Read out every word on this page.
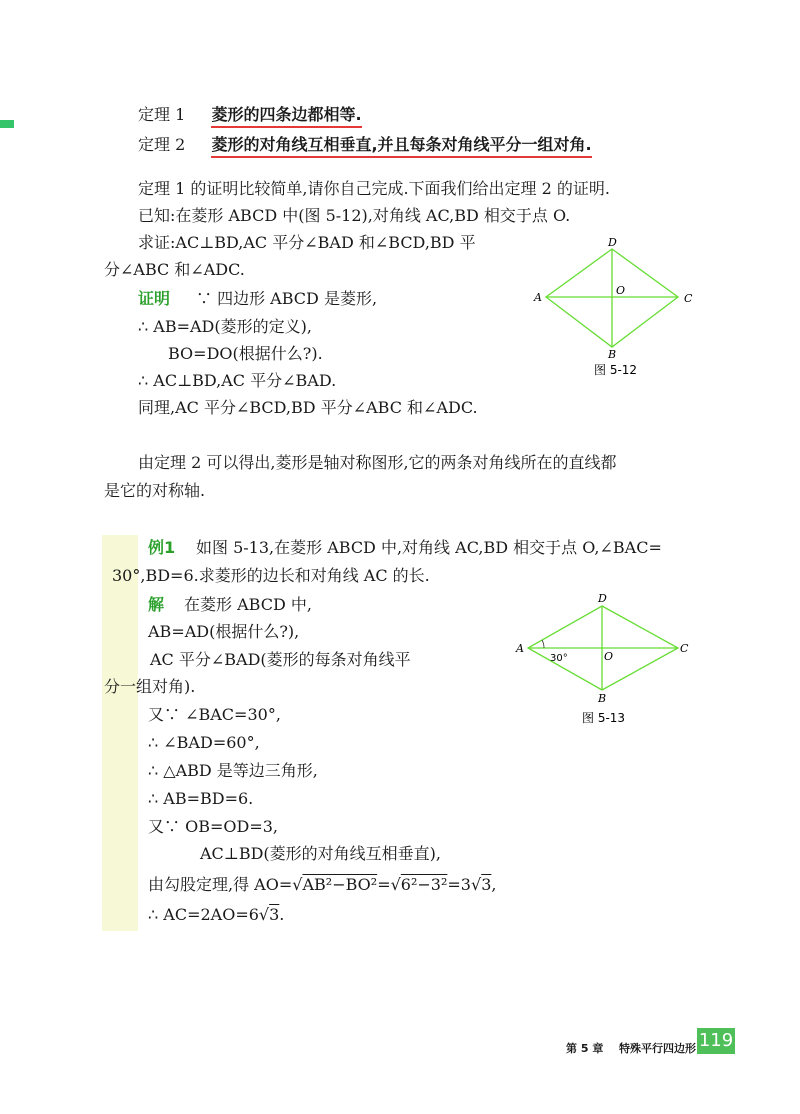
定理 1 菱形的四条边都相等.
定理 2 菱形的对角线互相垂直,并且每条对角线平分一组对角.
定理 1 的证明比较简单,请你自己完成.下面我们给出定理 2 的证明.
已知:在菱形 ABCD 中(图 5-12),对角线 AC,BD 相交于点 O.
求证:AC⊥BD,AC 平分∠BAD 和∠BCD,BD 平
分∠ABC 和∠ADC.
证明 ∵ 四边形 ABCD 是菱形,
∴ AB=AD(菱形的定义),
BO=DO(根据什么?).
∴ AC⊥BD,AC 平分∠BAD.
同理,AC 平分∠BCD,BD 平分∠ABC 和∠ADC.
D
A	C
B
O
图 5-12
由定理 2 可以得出,菱形是轴对称图形,它的两条对角线所在的直线都
是它的对称轴.
例1 如图 5-13,在菱形 ABCD 中,对角线 AC,BD 相交于点 O,∠BAC=
30°,BD=6.求菱形的边长和对角线 AC 的长.
解 在菱形 ABCD 中,
AB=AD(根据什么?),
AC 平分∠BAD(菱形的每条对角线平
分一组对角).
又∵ ∠BAC=30°,
∴ ∠BAD=60°,
∴ △ABD 是等边三角形,
∴ AB=BD=6.
又∵ OB=OD=3,
AC⊥BD(菱形的对角线互相垂直),
由勾股定理,得 AO=√AB²−BO²=√6²−3²=3√3,
∴ AC=2AO=6√3.
D
A	C
B
O
30°
图 5-13
第 5 章 特殊平行四边形 119
